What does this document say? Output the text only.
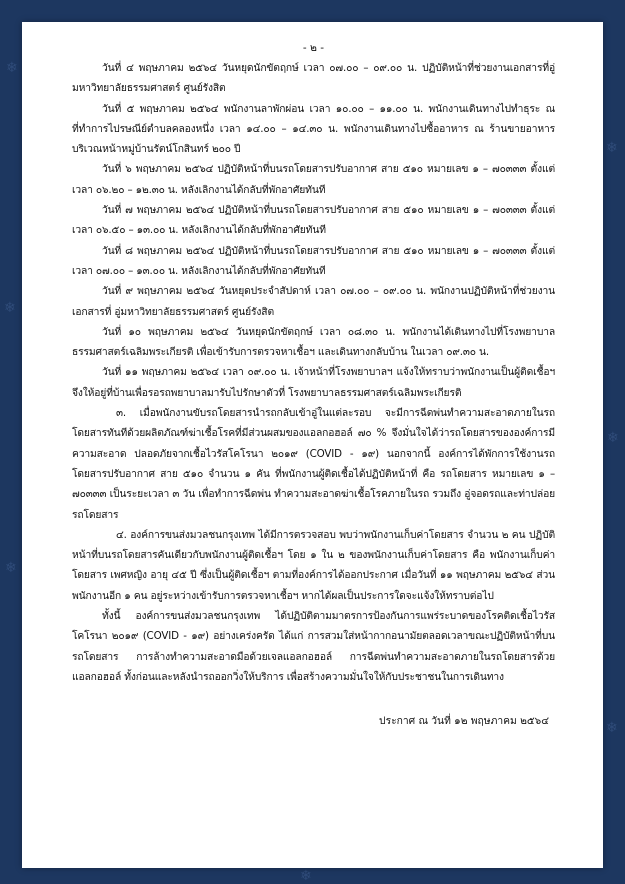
❄
❄
❄
❄
❄
❄
❄
- ๒ -
วันที่ ๔ พฤษภาคม ๒๕๖๔ วันหยุดนักขัตฤกษ์ เวลา ๐๗.๐๐ – ๐๙.๐๐ น. ปฏิบัติหน้าที่ช่วยงานเอกสารที่อู่มหาวิทยาลัยธรรมศาสตร์ ศูนย์รังสิต
วันที่ ๕ พฤษภาคม ๒๕๖๔ พนักงานลาพักผ่อน เวลา ๑๐.๐๐ – ๑๑.๐๐ น. พนักงานเดินทางไปทำธุระ ณ ที่ทำการไปรษณีย์ตำบลคลองหนึ่ง เวลา ๑๔.๐๐ – ๑๔.๓๐ น. พนักงานเดินทางไปซื้ออาหาร ณ ร้านขายอาหารบริเวณหน้าหมู่บ้านรัตน์โกสินทร์ ๒๐๐ ปี
วันที่ ๖ พฤษภาคม ๒๕๖๔ ปฏิบัติหน้าที่บนรถโดยสารปรับอากาศ สาย ๕๑๐ หมายเลข ๑ – ๗๐๓๓๓ ตั้งแต่เวลา ๐๖.๒๐ – ๑๒.๓๐ น. หลังเลิกงานได้กลับที่พักอาศัยทันที
วันที่ ๗ พฤษภาคม ๒๕๖๔ ปฏิบัติหน้าที่บนรถโดยสารปรับอากาศ สาย ๕๑๐ หมายเลข ๑ – ๗๐๓๓๓ ตั้งแต่เวลา ๐๖.๕๐ – ๑๓.๐๐ น. หลังเลิกงานได้กลับที่พักอาศัยทันที
วันที่ ๘ พฤษภาคม ๒๕๖๔ ปฏิบัติหน้าที่บนรถโดยสารปรับอากาศ สาย ๕๑๐ หมายเลข ๑ – ๗๐๓๓๓ ตั้งแต่เวลา ๐๗.๐๐ – ๑๓.๐๐ น. หลังเลิกงานได้กลับที่พักอาศัยทันที
วันที่ ๙ พฤษภาคม ๒๕๖๔ วันหยุดประจำสัปดาห์ เวลา ๐๗.๐๐ – ๐๙.๐๐ น. พนักงานปฏิบัติหน้าที่ช่วยงานเอกสารที่ อู่มหาวิทยาลัยธรรมศาสตร์ ศูนย์รังสิต
วันที่ ๑๐ พฤษภาคม ๒๕๖๔ วันหยุดนักขัตฤกษ์ เวลา ๐๘.๓๐ น. พนักงานได้เดินทางไปที่โรงพยาบาลธรรมศาสตร์เฉลิมพระเกียรติ เพื่อเข้ารับการตรวจหาเชื้อฯ และเดินทางกลับบ้าน ในเวลา ๐๙.๓๐ น.
วันที่ ๑๑ พฤษภาคม ๒๕๖๔ เวลา ๐๙.๐๐ น. เจ้าหน้าที่โรงพยาบาลฯ แจ้งให้ทราบว่าพนักงานเป็นผู้ติดเชื้อฯ จึงให้อยู่ที่บ้านเพื่อรอรถพยาบาลมารับไปรักษาตัวที่ โรงพยาบาลธรรมศาสตร์เฉลิมพระเกียรติ
๓. เมื่อพนักงานขับรถโดยสารนำรถกลับเข้าอู่ในแต่ละรอบ จะมีการฉีดพ่นทำความสะอาดภายในรถโดยสารทันทีด้วยผลิตภัณฑ์ฆ่าเชื้อโรคที่มีส่วนผสมของแอลกอฮอล์ ๗๐ % จึงมั่นใจได้ว่ารถโดยสารขององค์การมีความสะอาด ปลอดภัยจากเชื้อไวรัสโคโรนา ๒๐๑๙ (COVID - ๑๙) นอกจากนี้ องค์การได้พักการใช้งานรถโดยสารปรับอากาศ สาย ๕๑๐ จำนวน ๑ คัน ที่พนักงานผู้ติดเชื้อได้ปฏิบัติหน้าที่ คือ รถโดยสาร หมายเลข ๑ – ๗๐๓๓๓ เป็นระยะเวลา ๓ วัน เพื่อทำการฉีดพ่น ทำความสะอาดฆ่าเชื้อโรคภายในรถ รวมถึง อู่จอดรถและท่าปล่อยรถโดยสาร
๔. องค์การขนส่งมวลชนกรุงเทพ ได้มีการตรวจสอบ พบว่าพนักงานเก็บค่าโดยสาร จำนวน ๒ คน ปฏิบัติหน้าที่บนรถโดยสารคันเดียวกับพนักงานผู้ติดเชื้อฯ โดย ๑ ใน ๒ ของพนักงานเก็บค่าโดยสาร คือ พนักงานเก็บค่าโดยสาร เพศหญิง อายุ ๔๕ ปี ซึ่งเป็นผู้ติดเชื้อฯ ตามที่องค์การได้ออกประกาศ เมื่อวันที่ ๑๑ พฤษภาคม ๒๕๖๔ ส่วนพนักงานอีก ๑ คน อยู่ระหว่างเข้ารับการตรวจหาเชื้อฯ หากได้ผลเป็นประการใดจะแจ้งให้ทราบต่อไป
ทั้งนี้ องค์การขนส่งมวลชนกรุงเทพ ได้ปฏิบัติตามมาตรการป้องกันการแพร่ระบาดของโรคติดเชื้อไวรัสโคโรนา ๒๐๑๙ (COVID - ๑๙) อย่างเคร่งครัด ได้แก่ การสวมใส่หน้ากากอนามัยตลอดเวลาขณะปฏิบัติหน้าที่บนรถโดยสาร การล้างทำความสะอาดมือด้วยเจลแอลกอฮอล์ การฉีดพ่นทำความสะอาดภายในรถโดยสารด้วยแอลกอฮอล์ ทั้งก่อนและหลังนำรถออกวิ่งให้บริการ เพื่อสร้างความมั่นใจให้กับประชาชนในการเดินทาง
ประกาศ ณ วันที่ ๑๒ พฤษภาคม ๒๕๖๔
